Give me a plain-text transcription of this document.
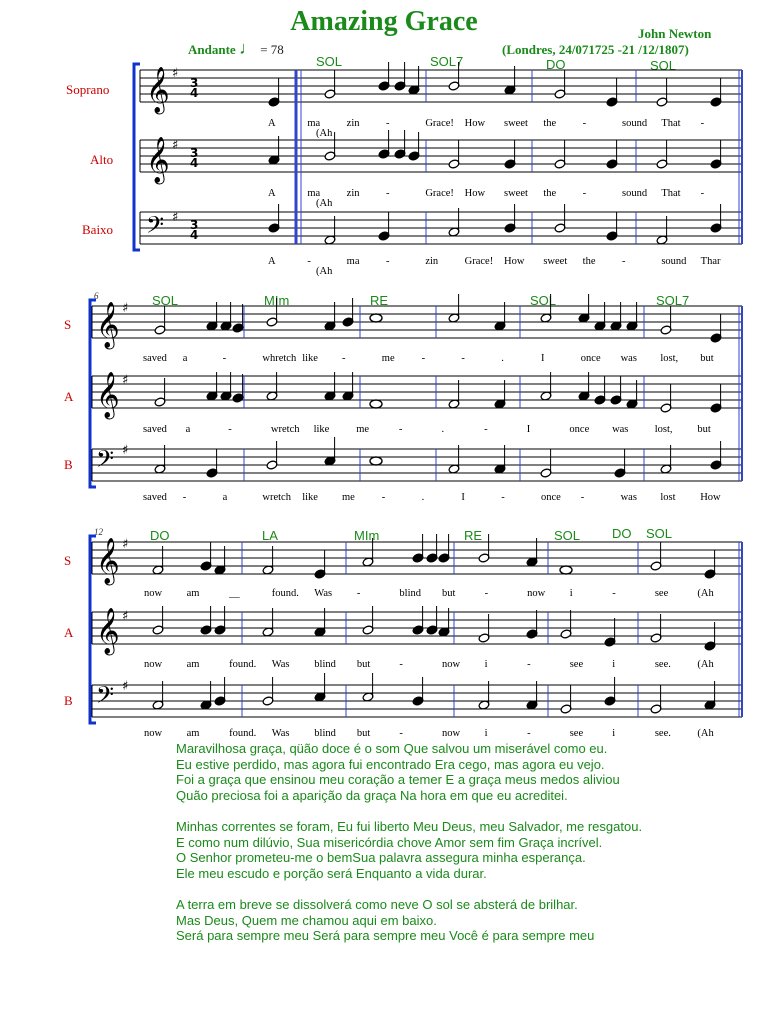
Amazing Grace	John Newton
(Londres, 24/071725 -21 /12/1807)
Andante ♩ = 78
Soprano
Alto
Baixo
S
A
B
S
A
B
6
12
SOL	SOL7	DO	SOL
SOL	MIm	RE	SOL	SOL7
DO	LA	MIm	RE	SOL DO SOL
𝄞
𝄞
𝄢
♯
♯
♯
3
4
3
4
3
4
𝄞
𝄞
𝄢
♯
♯
♯
𝄞
𝄞
𝄢
♯
♯
♯
A	ma	zin	-	Grace! How sweet the	-	sound That -
A	ma	zin	-	Grace! How sweet the	-	sound That -
A	-	ma	-	zin	Grace! How sweet the	-	sound Thar
(Ah
(Ah
(Ah
saved a	-	whretch like -	me	-	-	.	I	once was lost, but
saved a	-	wretch like	me	-	.	-	I	once was	lost, but
saved -	a	wretch like me	-	.	I	-	once -	was lost How
now am	__	found. Was -	blind but	-	now i	-	see	(Ah
now am	found. Was blind but	-	now i	-	see	i	see.	(Ah
now am	found. Was blind but	-	now i	-	see	i	see.	(Ah

Maravilhosa graça, qüão doce é o som Que salvou um miserável como eu.

Eu estive perdido, mas agora fui encontrado Era cego, mas agora eu vejo.

Foi a graça que ensinou meu coração a temer E a graça meus medos aliviou

Quão preciosa foi a aparição da graça Na hora em que eu acreditei.

Minhas correntes se foram, Eu fui liberto Meu Deus, meu Salvador, me resgatou.

E como num dilúvio, Sua misericórdia chove Amor sem fim Graça incrível.

O Senhor prometeu-me o bemSua palavra assegura minha esperança.

Ele meu escudo e porção será Enquanto a vida durar.

A terra em breve se dissolverá como neve O sol se absterá de brilhar.

Mas Deus, Quem me chamou aqui em baixo.

Será para sempre meu Será para sempre meu Você é para sempre meu
